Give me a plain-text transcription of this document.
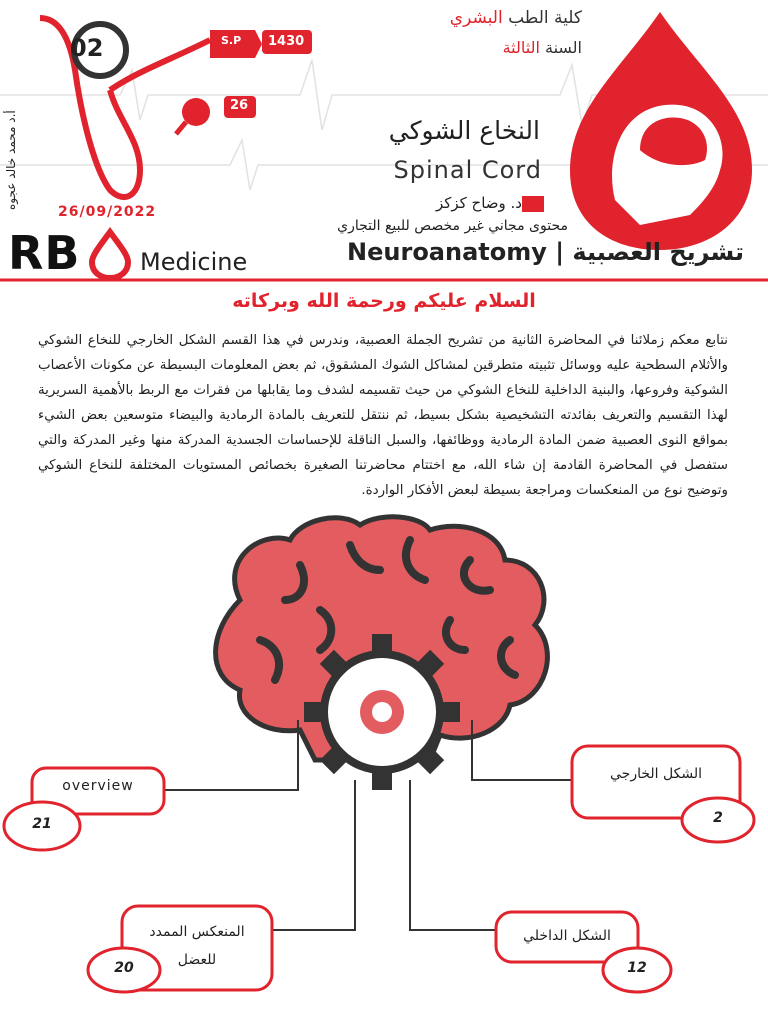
S
أ.د محمد خالد عجوه
02	S.P 1430
26
26/09/2022
كلية الطب البشري
السنة الثالثة
النخاع الشوكي
Spinal Cord
د. وضاح كزكز
محتوى مجاني غير مخصص للبيع التجاري
RB Medicine	تشريح العصبية | Neuroanatomy
السلام عليكم ورحمة الله وبركاته
نتابع معكم زملائنا في المحاضرة الثانية من تشريح الجملة العصبية، وندرس في هذا القسم الشكل الخارجي للنخاع الشوكي والأثلام السطحية عليه ووسائل تثبيته متطرقين لمشاكل الشوك المشقوق، ثم بعض المعلومات البسيطة عن مكونات الأعصاب الشوكية وفروعها، والبنية الداخلية للنخاع الشوكي من حيث تقسيمه لشدف وما يقابلها من فقرات مع الربط بالأهمية السريرية لهذا التقسيم والتعريف بفائدته التشخيصية بشكل بسيط، ثم ننتقل للتعريف بالمادة الرمادية والبيضاء متوسعين بعض الشيء بمواقع النوى العصبية ضمن المادة الرمادية ووظائفها، والسبل الناقلة للإحساسات الجسدية المدركة منها وغير المدركة والتي ستفصل في المحاضرة القادمة إن شاء الله، مع اختتام محاضرتنا الصغيرة بخصائص المستويات المختلفة للنخاع الشوكي وتوضيح نوع من المنعكسات ومراجعة بسيطة لبعض الأفكار الواردة.
overview
21
الشكل الخارجي
2
المنعكس الممدد للعضل
20
الشكل الداخلي
12
